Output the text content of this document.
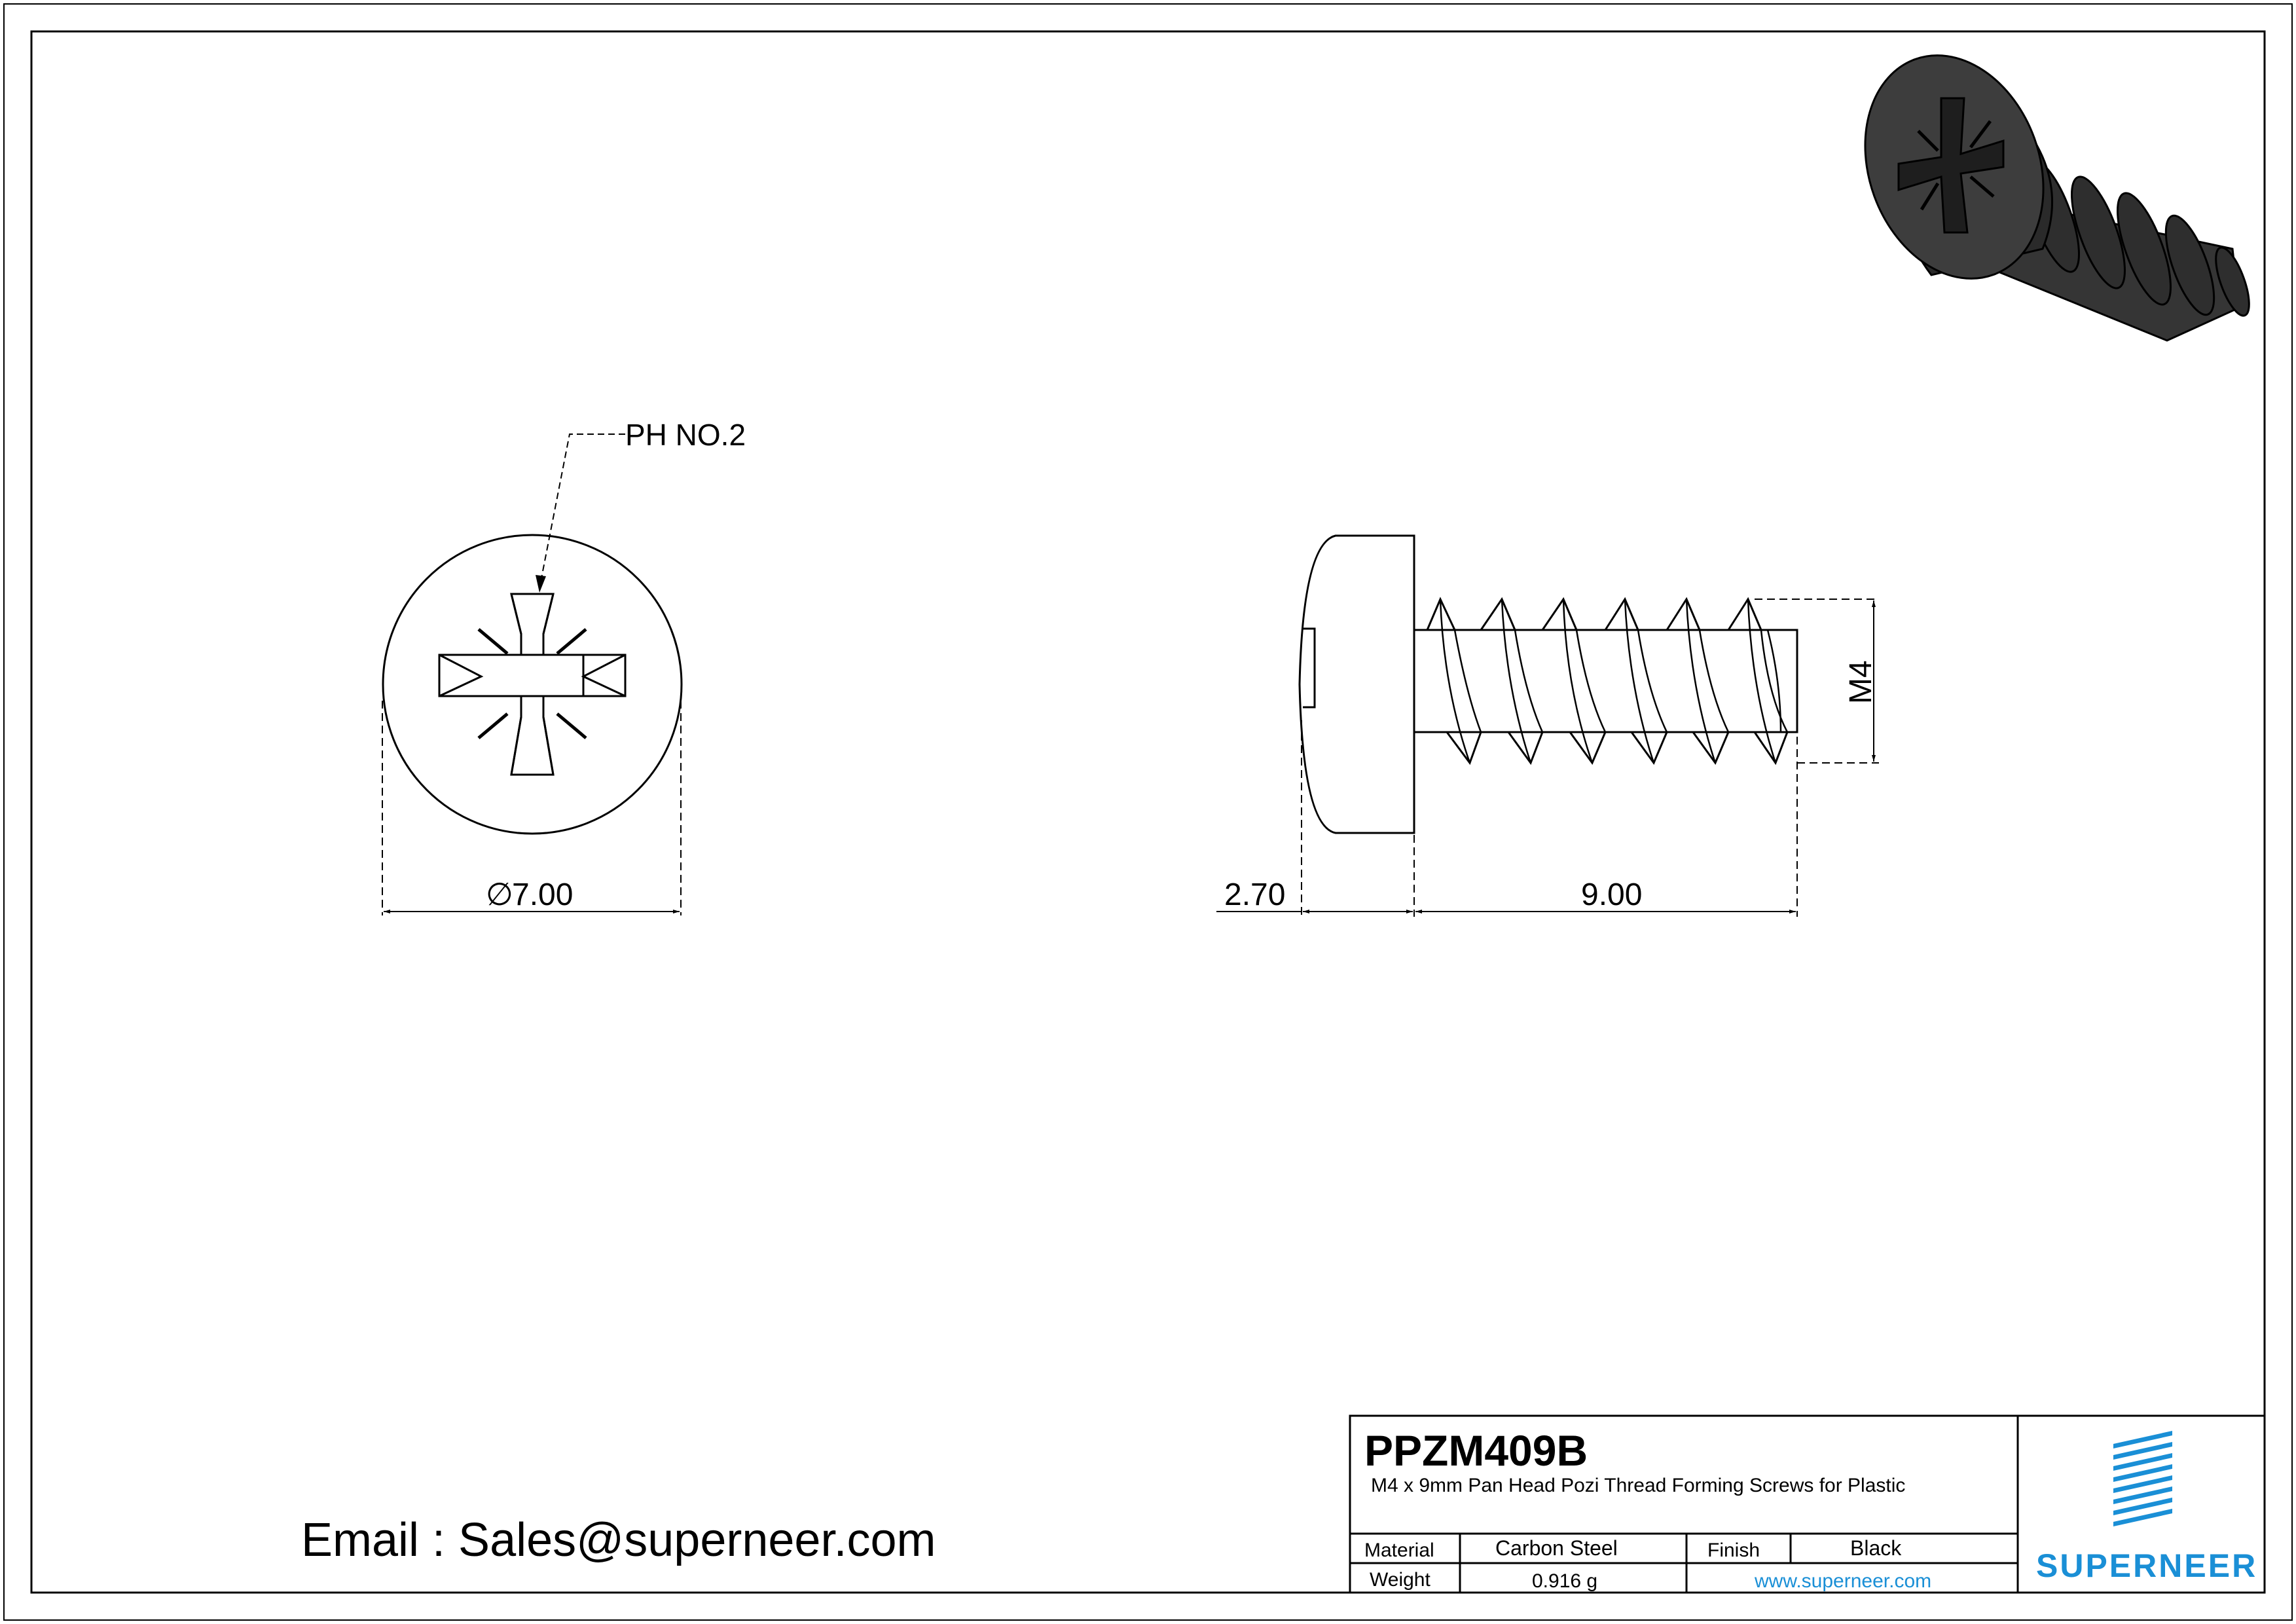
PH NO.2
∅
7.00	2.70	9.00
M4
Email : Sales@superneer.com
PPZM409B
M4 x 9mm Pan Head Pozi Thread Forming Screws for Plastic
Material	Carbon Steel	Finish	Black
Weight	0.916 g	www.superneer.com	SUPERNEER
